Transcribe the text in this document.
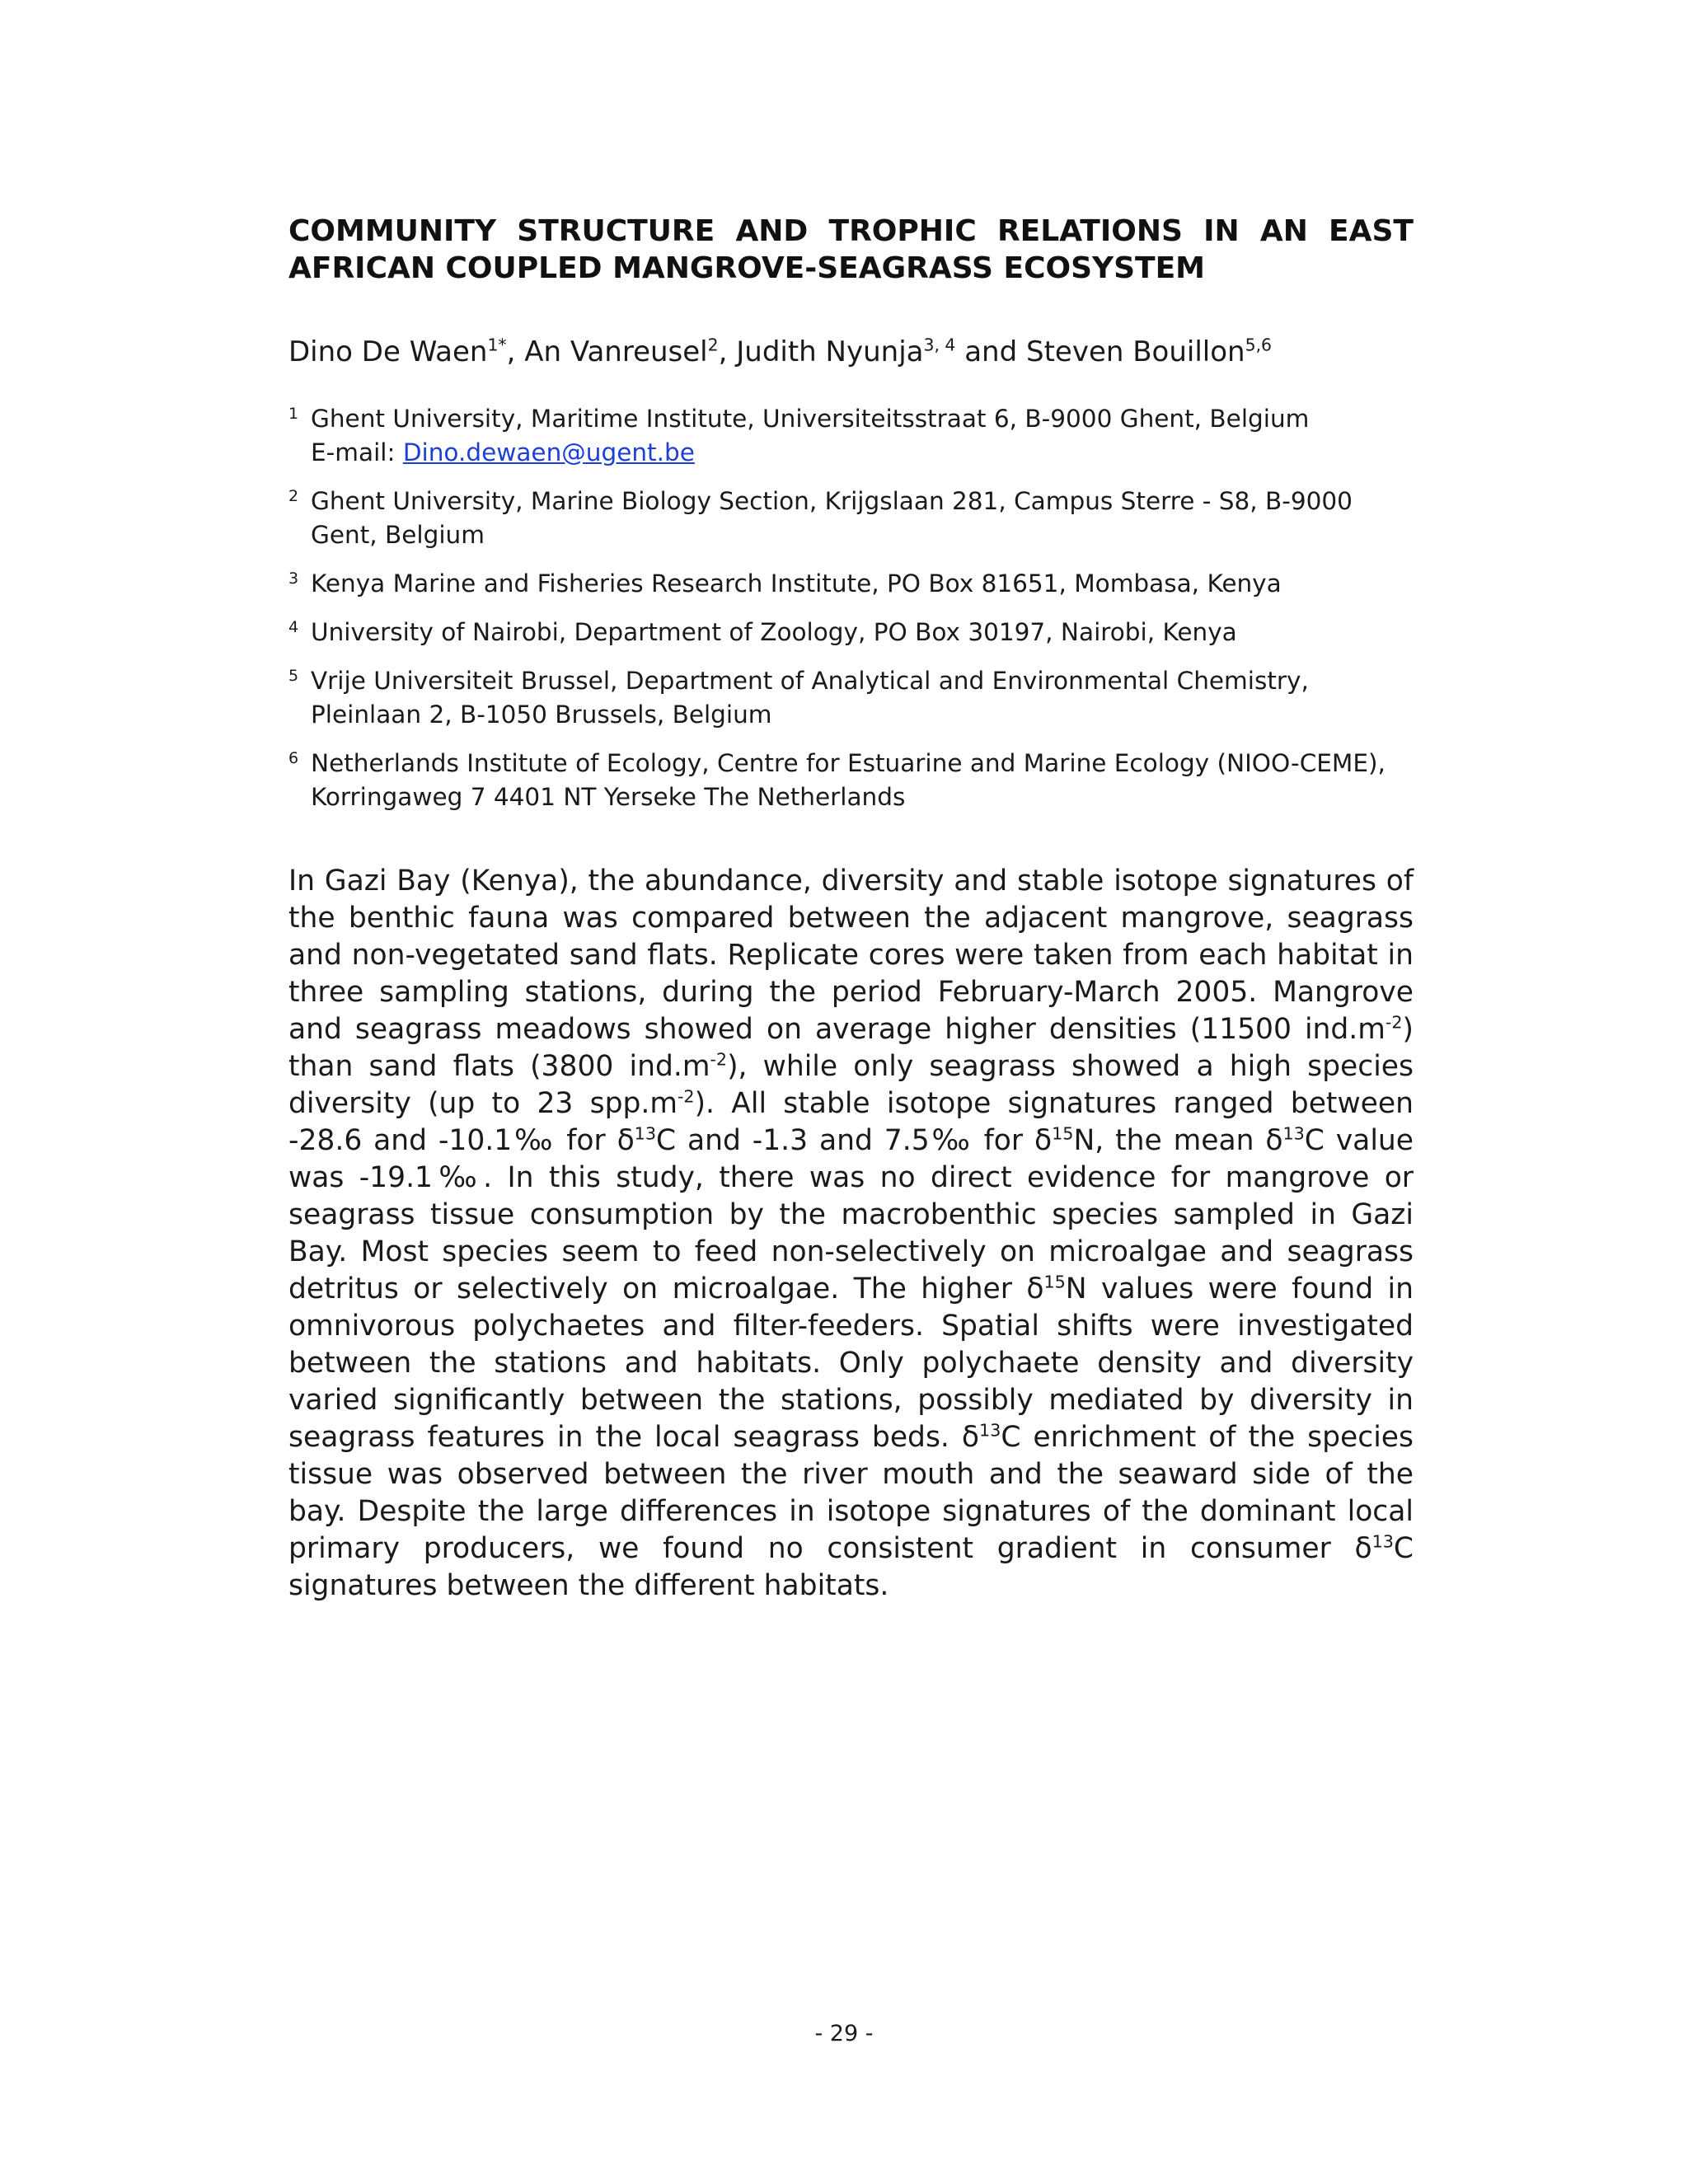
COMMUNITY STRUCTURE AND TROPHIC RELATIONS IN AN EAST AFRICAN COUPLED MANGROVE-SEAGRASS ECOSYSTEM

Dino De Waen$^{1*}$, An Vanreusel$^2$, Judith Nyunja$^{3, 4}$ and Steven Bouillon$^{5,6}$

1 Ghent University, Maritime Institute, Universiteitsstraat 6, B-9000 Ghent, Belgium
E-mail: Dino.dewaen@ugent.be
2 Ghent University, Marine Biology Section, Krijgslaan 281, Campus Sterre - S8, B-9000 Gent, Belgium
3 Kenya Marine and Fisheries Research Institute, PO Box 81651, Mombasa, Kenya
4 University of Nairobi, Department of Zoology, PO Box 30197, Nairobi, Kenya
5 Vrije Universiteit Brussel, Department of Analytical and Environmental Chemistry, Pleinlaan 2, B-1050 Brussels, Belgium
6 Netherlands Institute of Ecology, Centre for Estuarine and Marine Ecology (NIOO-CEME), Korringaweg 7 4401 NT Yerseke The Netherlands

In Gazi Bay (Kenya), the abundance, diversity and stable isotope signatures of the benthic fauna was compared between the adjacent mangrove, seagrass and non-vegetated sand flats. Replicate cores were taken from each habitat in three sampling stations, during the period February-March 2005. Mangrove and seagrass meadows showed on average higher densities (11500 $ind.m^{-2}$) than sand flats (3800 $ind.m^{-2}$), while only seagrass showed a high species diversity (up to 23 $spp.m^{-2}$). All stable isotope signatures ranged between -28.6 and -10.1‰ for $\delta^{13}C$ and -1.3 and 7.5‰ for $\delta^{15}N$, the mean $\delta^{13}C$ value was -19.1‰. In this study, there was no direct evidence for mangrove or seagrass tissue consumption by the macrobenthic species sampled in Gazi Bay. Most species seem to feed non-selectively on microalgae and seagrass detritus or selectively on microalgae. The higher $\delta^{15}N$ values were found in omnivorous polychaetes and filter-feeders. Spatial shifts were investigated between the stations and habitats. Only polychaete density and diversity varied significantly between the stations, possibly mediated by diversity in seagrass features in the local seagrass beds. $\delta^{13}C$ enrichment of the species tissue was observed between the river mouth and the seaward side of the bay. Despite the large differences in isotope signatures of the dominant local primary producers, we found no consistent gradient in consumer $\delta^{13}C$ signatures between the different habitats.

- 29 -
